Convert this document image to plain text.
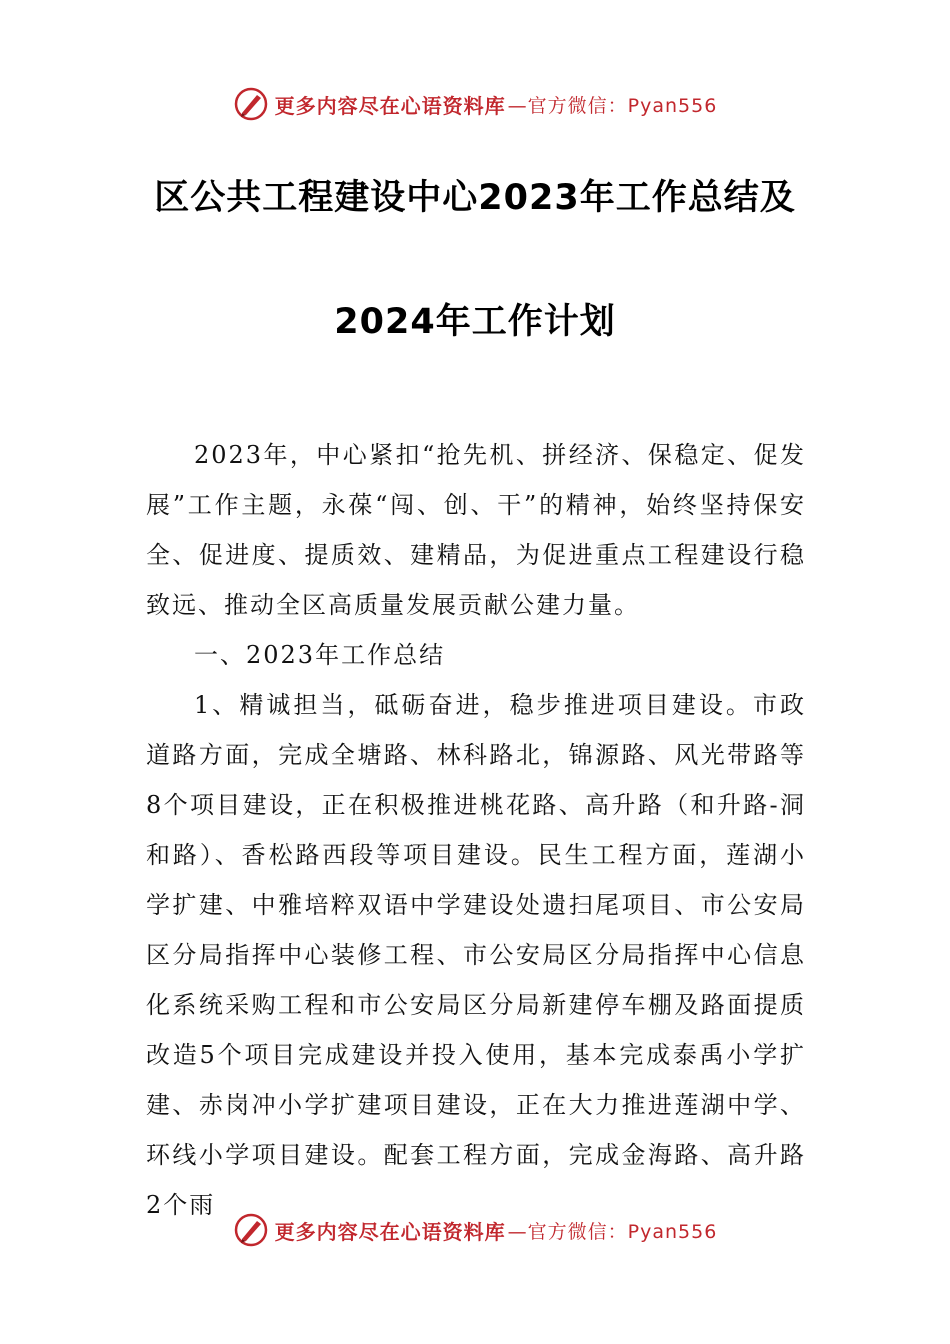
更多内容尽在心语资料库 —官方微信：Pyan556
区公共工程建设中心2023年工作总结及
2024年工作计划

2023年，中心紧扣“抢先机、拼经济、保稳定、促发展”工作主题，永葆“闯、创、干”的精神，始终坚持保安全、促进度、提质效、建精品，为促进重点工程建设行稳致远、推动全区高质量发展贡献公建力量。

一、2023年工作总结

1、精诚担当，砥砺奋进，稳步推进项目建设。市政道路方面，完成全塘路、林科路北，锦源路、风光带路等8个项目建设，正在积极推进桃花路、高升路（和升路-洞和路）、香松路西段等项目建设。民生工程方面，莲湖小学扩建、中雅培粹双语中学建设处遗扫尾项目、市公安局区分局指挥中心装修工程、市公安局区分局指挥中心信息化系统采购工程和市公安局区分局新建停车棚及路面提质改造5个项目完成建设并投入使用，基本完成泰禹小学扩建、赤岗冲小学扩建项目建设，正在大力推进莲湖中学、环线小学项目建设。配套工程方面，完成金海路、高升路2个雨

更多内容尽在心语资料库 —官方微信：Pyan556
